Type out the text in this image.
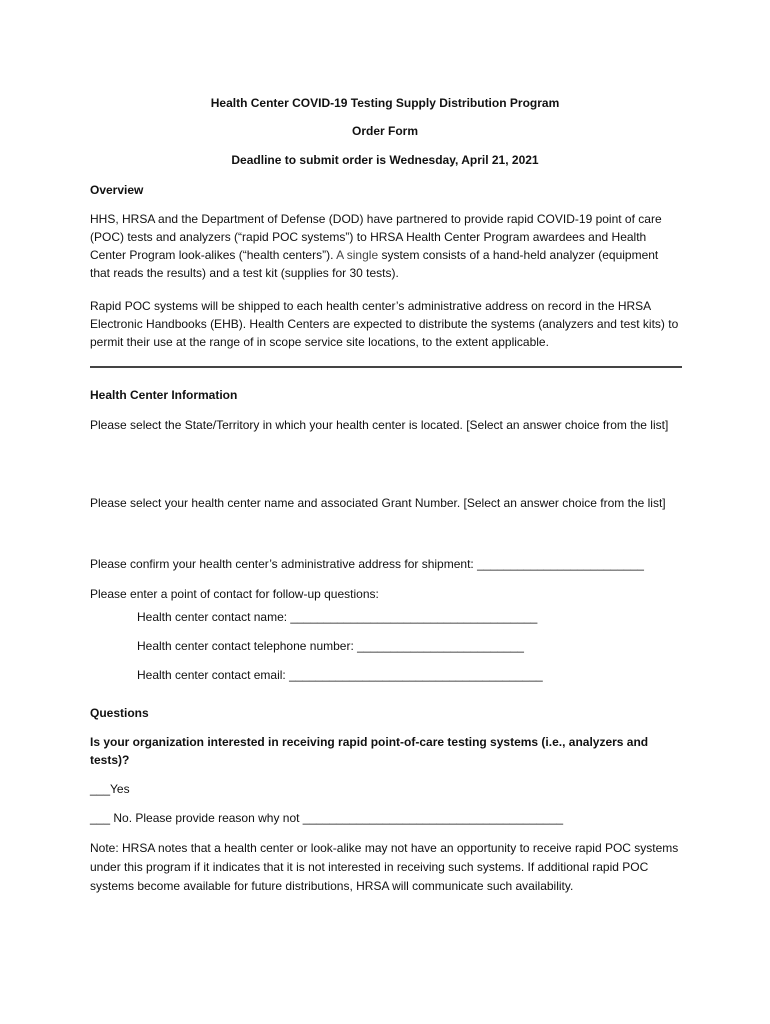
Health Center COVID-19 Testing Supply Distribution Program
Order Form
Deadline to submit order is Wednesday, April 21, 2021
Overview
HHS, HRSA and the Department of Defense (DOD) have partnered to provide rapid COVID-19 point of care (POC) tests and analyzers (“rapid POC systems”) to HRSA Health Center Program awardees and Health Center Program look-alikes (“health centers”). A single system consists of a hand-held analyzer (equipment that reads the results) and a test kit (supplies for 30 tests).
Rapid POC systems will be shipped to each health center’s administrative address on record in the HRSA Electronic Handbooks (EHB). Health Centers are expected to distribute the systems (analyzers and test kits) to permit their use at the range of in scope service site locations, to the extent applicable.
Health Center Information
Please select the State/Territory in which your health center is located. [Select an answer choice from the list]
Please select your health center name and associated Grant Number. [Select an answer choice from the list]
Please confirm your health center’s administrative address for shipment: _________________________
Please enter a point of contact for follow-up questions:
Health center contact name: _____________________________________
Health center contact telephone number: _________________________
Health center contact email: ______________________________________
Questions
Is your organization interested in receiving rapid point-of-care testing systems (i.e., analyzers and tests)?
___Yes
___ No. Please provide reason why not _______________________________________
Note: HRSA notes that a health center or look-alike may not have an opportunity to receive rapid POC systems under this program if it indicates that it is not interested in receiving such systems. If additional rapid POC systems become available for future distributions, HRSA will communicate such availability.
